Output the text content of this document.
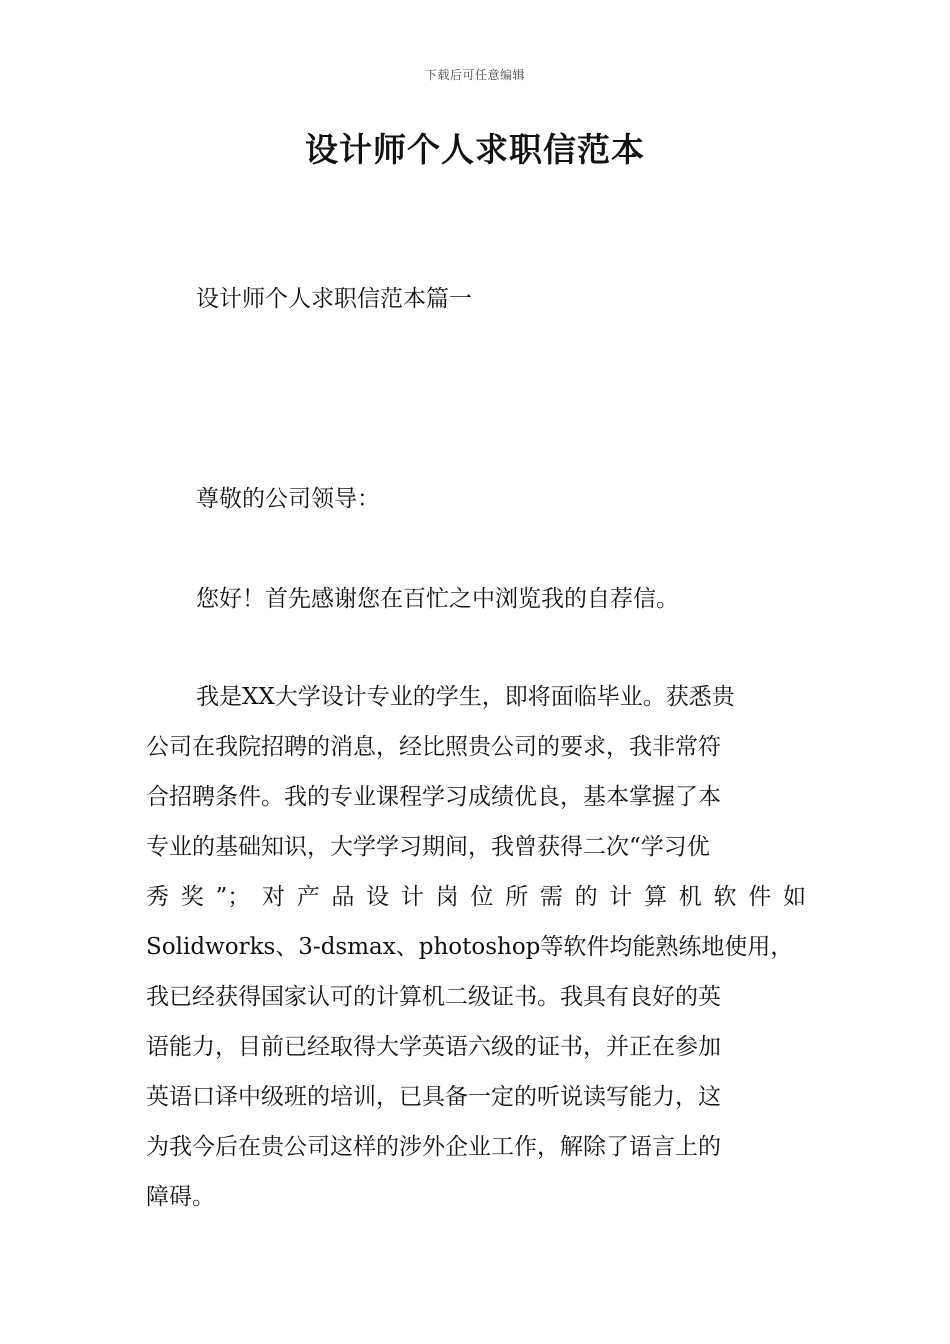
下载后可任意编辑
设计师个人求职信范本

设计师个人求职信范本篇一

尊敬的公司领导：

您好！首先感谢您在百忙之中浏览我的自荐信。

我是XX大学设计专业的学生，即将面临毕业。获悉贵
公司在我院招聘的消息，经比照贵公司的要求，我非常符
合招聘条件。我的专业课程学习成绩优良，基本掌握了本
专业的基础知识，大学学习期间，我曾获得二次“学习优
秀奖”；对产品设计岗位所需的计算机软件如
Solidworks、3-dsmax、photoshop等软件均能熟练地使用，
我已经获得国家认可的计算机二级证书。我具有良好的英
语能力，目前已经取得大学英语六级的证书，并正在参加
英语口译中级班的培训，已具备一定的听说读写能力，这
为我今后在贵公司这样的涉外企业工作，解除了语言上的
障碍。
